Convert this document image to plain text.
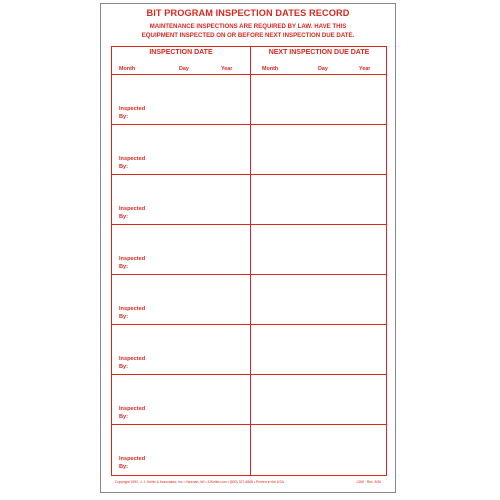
BIT PROGRAM INSPECTION DATES RECORD
MAINTENANCE INSPECTIONS ARE REQUIRED BY LAW. HAVE THIS
EQUIPMENT INSPECTED ON OR BEFORE NEXT INSPECTION DUE DATE.
INSPECTION DATE	NEXT INSPECTION DUE DATE
Month	Day	Year	Month	Day	Year
Inspected
By:
Inspected
By:
Inspected
By:
Inspected
By:
Inspected
By:
Inspected
By:
Inspected
By:
Inspected
By:
Copyright 1992, J. J. Keller & Associates, Inc. • Neenah, WI • JJKeller.com • (800) 327-6868 • Printed in the USA	1365 · Rev. 3/06
